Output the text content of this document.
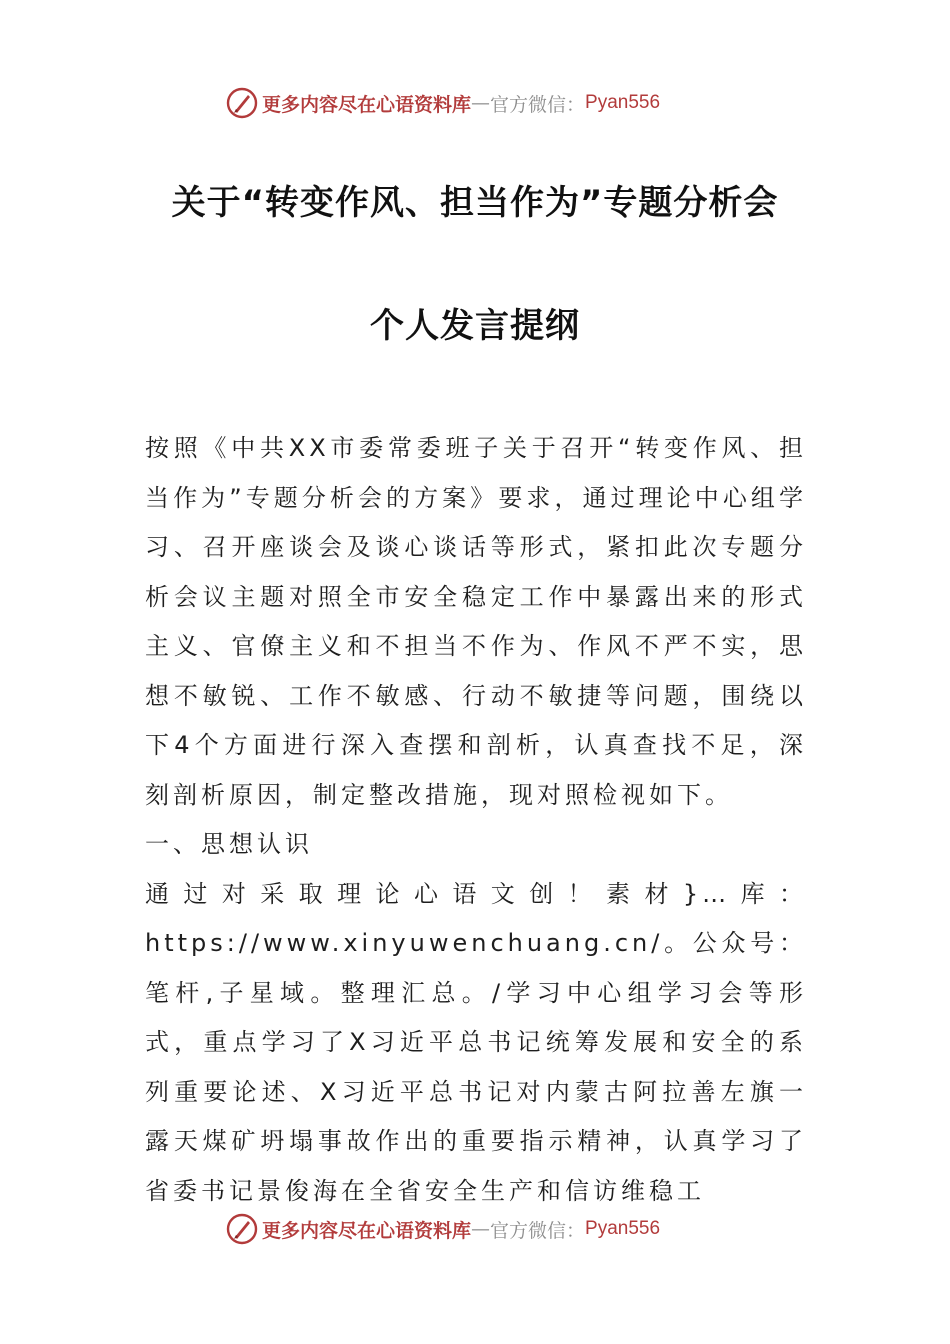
更多内容尽在心语资料库 — 官方微信： Pyan556
关于“转变作风、担当作为”专题分析会
个人发言提纲

按照《中共XX市委常委班子关于召开“转变作风、担当作为”专题分析会的方案》要求，通过理论中心组学习、召开座谈会及谈心谈话等形式，紧扣此次专题分析会议主题对照全市安全稳定工作中暴露出来的形式主义、官僚主义和不担当不作为、作风不严不实，思想不敏锐、工作不敏感、行动不敏捷等问题，围绕以下4个方面进行深入查摆和剖析，认真查找不足，深刻剖析原因，制定整改措施，现对照检视如下。

一、思想认识

通过对采取理论心语文创！素材}…库：https://www.xinyuwenchuang.cn/。公众号：笔杆,子星域。整理汇总。/学习中心组学习会等形式，重点学习了X习近平总书记统筹发展和安全的系列重要论述、X习近平总书记对内蒙古阿拉善左旗一露天煤矿坍塌事故作出的重要指示精神，认真学习了省委书记景俊海在全省安全生产和信访维稳工

更多内容尽在心语资料库 — 官方微信： Pyan556
